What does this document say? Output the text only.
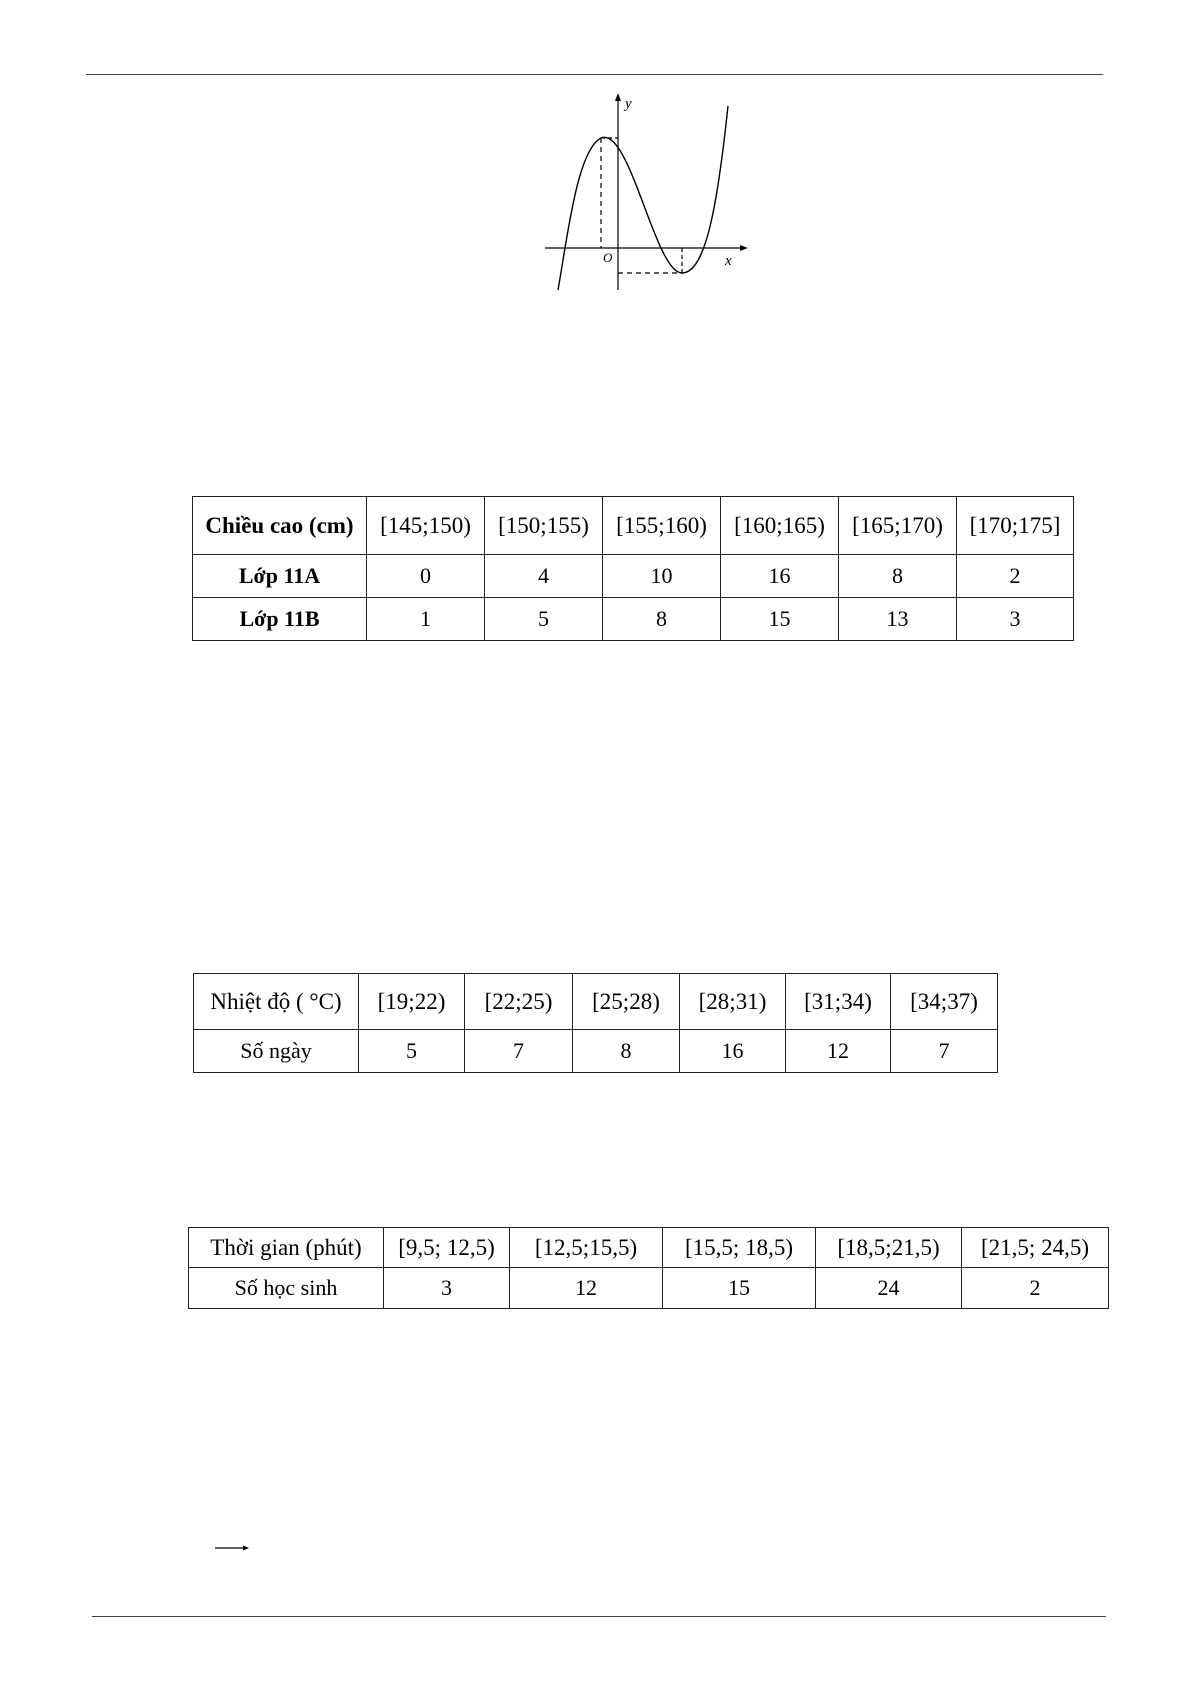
y
x
O
Chiều cao (cm)	[145;150)	[150;155)	[155;160)	[160;165)	[165;170)	[170;175]
Lớp 11A	0	4	10	16	8	2
Lớp 11B	1	5	8	15	13	3
Nhiệt độ ( °C)	[19;22)	[22;25)	[25;28)	[28;31)	[31;34)	[34;37)
Số ngày	5	7	8	16	12	7
Thời gian (phút)	[9,5; 12,5)	[12,5;15,5)	[15,5; 18,5)	[18,5;21,5)	[21,5; 24,5)
Số học sinh	3	12	15	24	2
